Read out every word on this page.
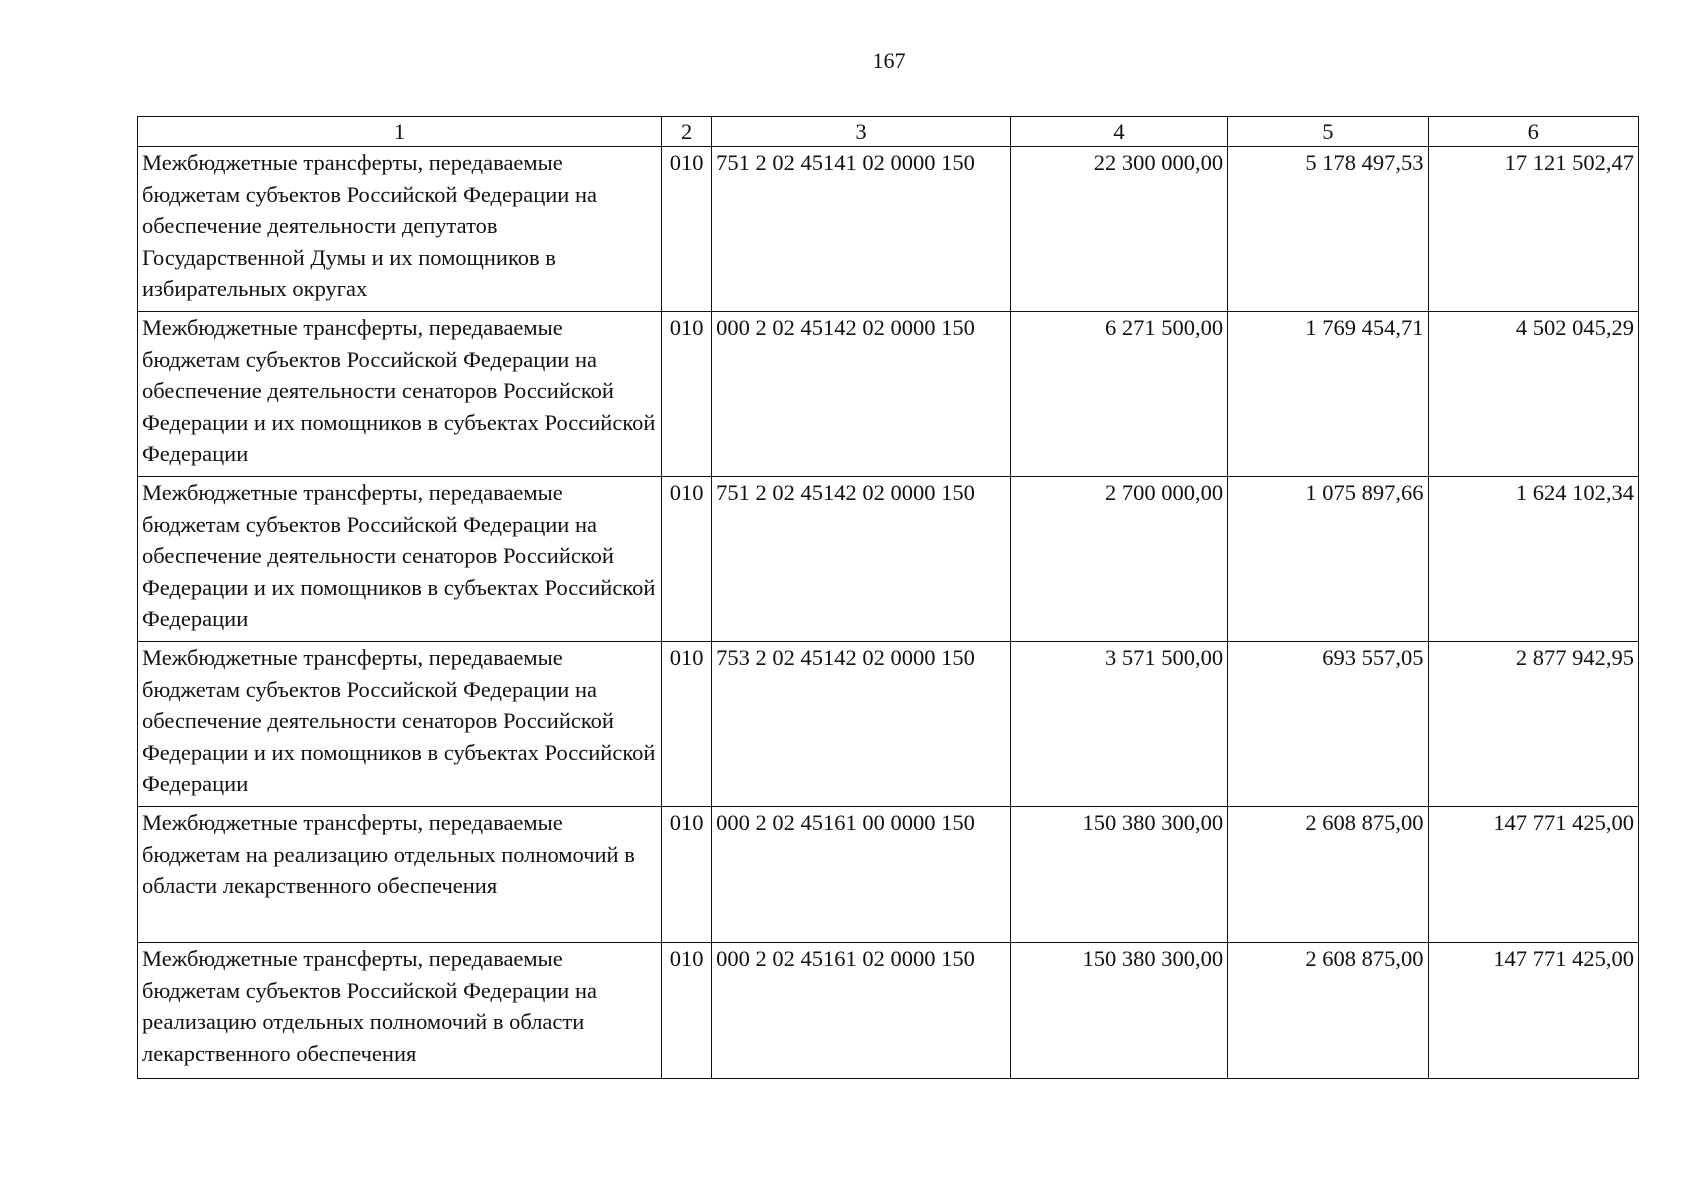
167
1	2	3	4	5	6
Межбюджетные трансферты, передаваемые бюджетам субъектов Российской Федерации на обеспечение деятельности депутатов Государственной Думы и их помощников в избирательных округах	010	751 2 02 45141 02 0000 150	22 300 000,00	5 178 497,53	17 121 502,47
Межбюджетные трансферты, передаваемые бюджетам субъектов Российской Федерации на обеспечение деятельности сенаторов Российской Федерации и их помощников в субъектах Российской Федерации	010	000 2 02 45142 02 0000 150	6 271 500,00	1 769 454,71	4 502 045,29
Межбюджетные трансферты, передаваемые бюджетам субъектов Российской Федерации на обеспечение деятельности сенаторов Российской Федерации и их помощников в субъектах Российской Федерации	010	751 2 02 45142 02 0000 150	2 700 000,00	1 075 897,66	1 624 102,34
Межбюджетные трансферты, передаваемые бюджетам субъектов Российской Федерации на обеспечение деятельности сенаторов Российской Федерации и их помощников в субъектах Российской Федерации	010	753 2 02 45142 02 0000 150	3 571 500,00	693 557,05	2 877 942,95
Межбюджетные трансферты, передаваемые бюджетам на реализацию отдельных полномочий в области лекарственного обеспечения	010	000 2 02 45161 00 0000 150	150 380 300,00	2 608 875,00	147 771 425,00
Межбюджетные трансферты, передаваемые бюджетам субъектов Российской Федерации на реализацию отдельных полномочий в области лекарственного обеспечения	010	000 2 02 45161 02 0000 150	150 380 300,00	2 608 875,00	147 771 425,00
